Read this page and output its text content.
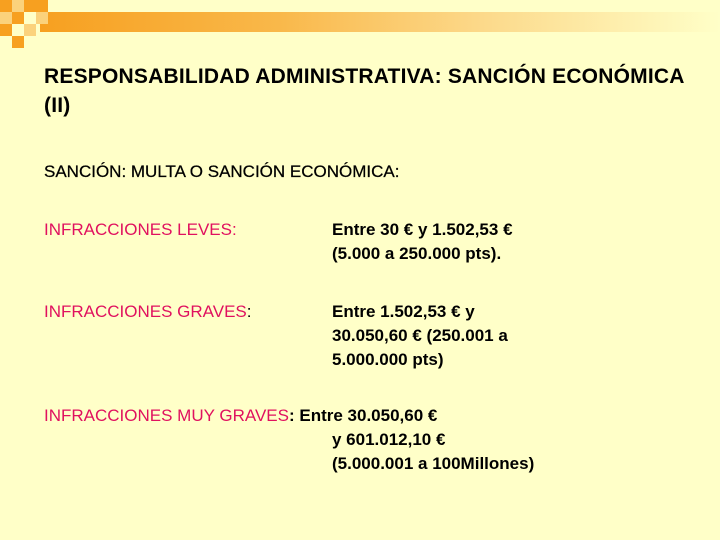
RESPONSABILIDAD ADMINISTRATIVA: SANCIÓN ECONÓMICA (II)
SANCIÓN: MULTA O SANCIÓN ECONÓMICA:
INFRACCIONES LEVES:	Entre 30 € y 1.502,53 €
(5.000 a 250.000 pts).
INFRACCIONES GRAVES:	Entre 1.502,53 € y
30.050,60 € (250.001 a
5.000.000 pts)
INFRACCIONES MUY GRAVES: Entre 30.050,60 €
y 601.012,10 €
(5.000.001 a 100Millones)
